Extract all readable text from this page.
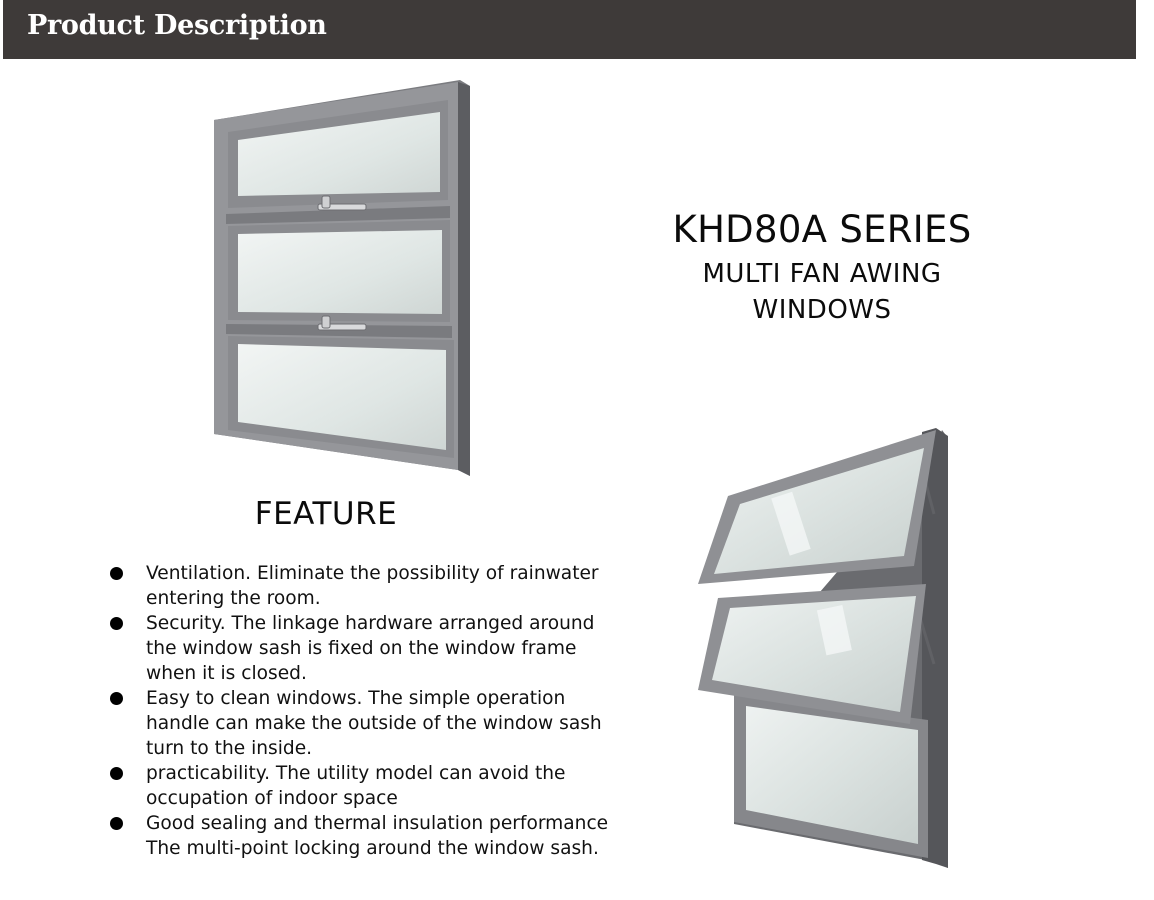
Product Description
KHD80A SERIES
MULTI FAN AWING
WINDOWS
FEATURE
Ventilation. Eliminate the possibility of rainwater
entering the room.
Security. The linkage hardware arranged around
the window sash is fixed on the window frame
when it is closed.
Easy to clean windows. The simple operation
handle can make the outside of the window sash
turn to the inside.
practicability. The utility model can avoid the
occupation of indoor space
Good sealing and thermal insulation performance
The multi-point locking around the window sash.
